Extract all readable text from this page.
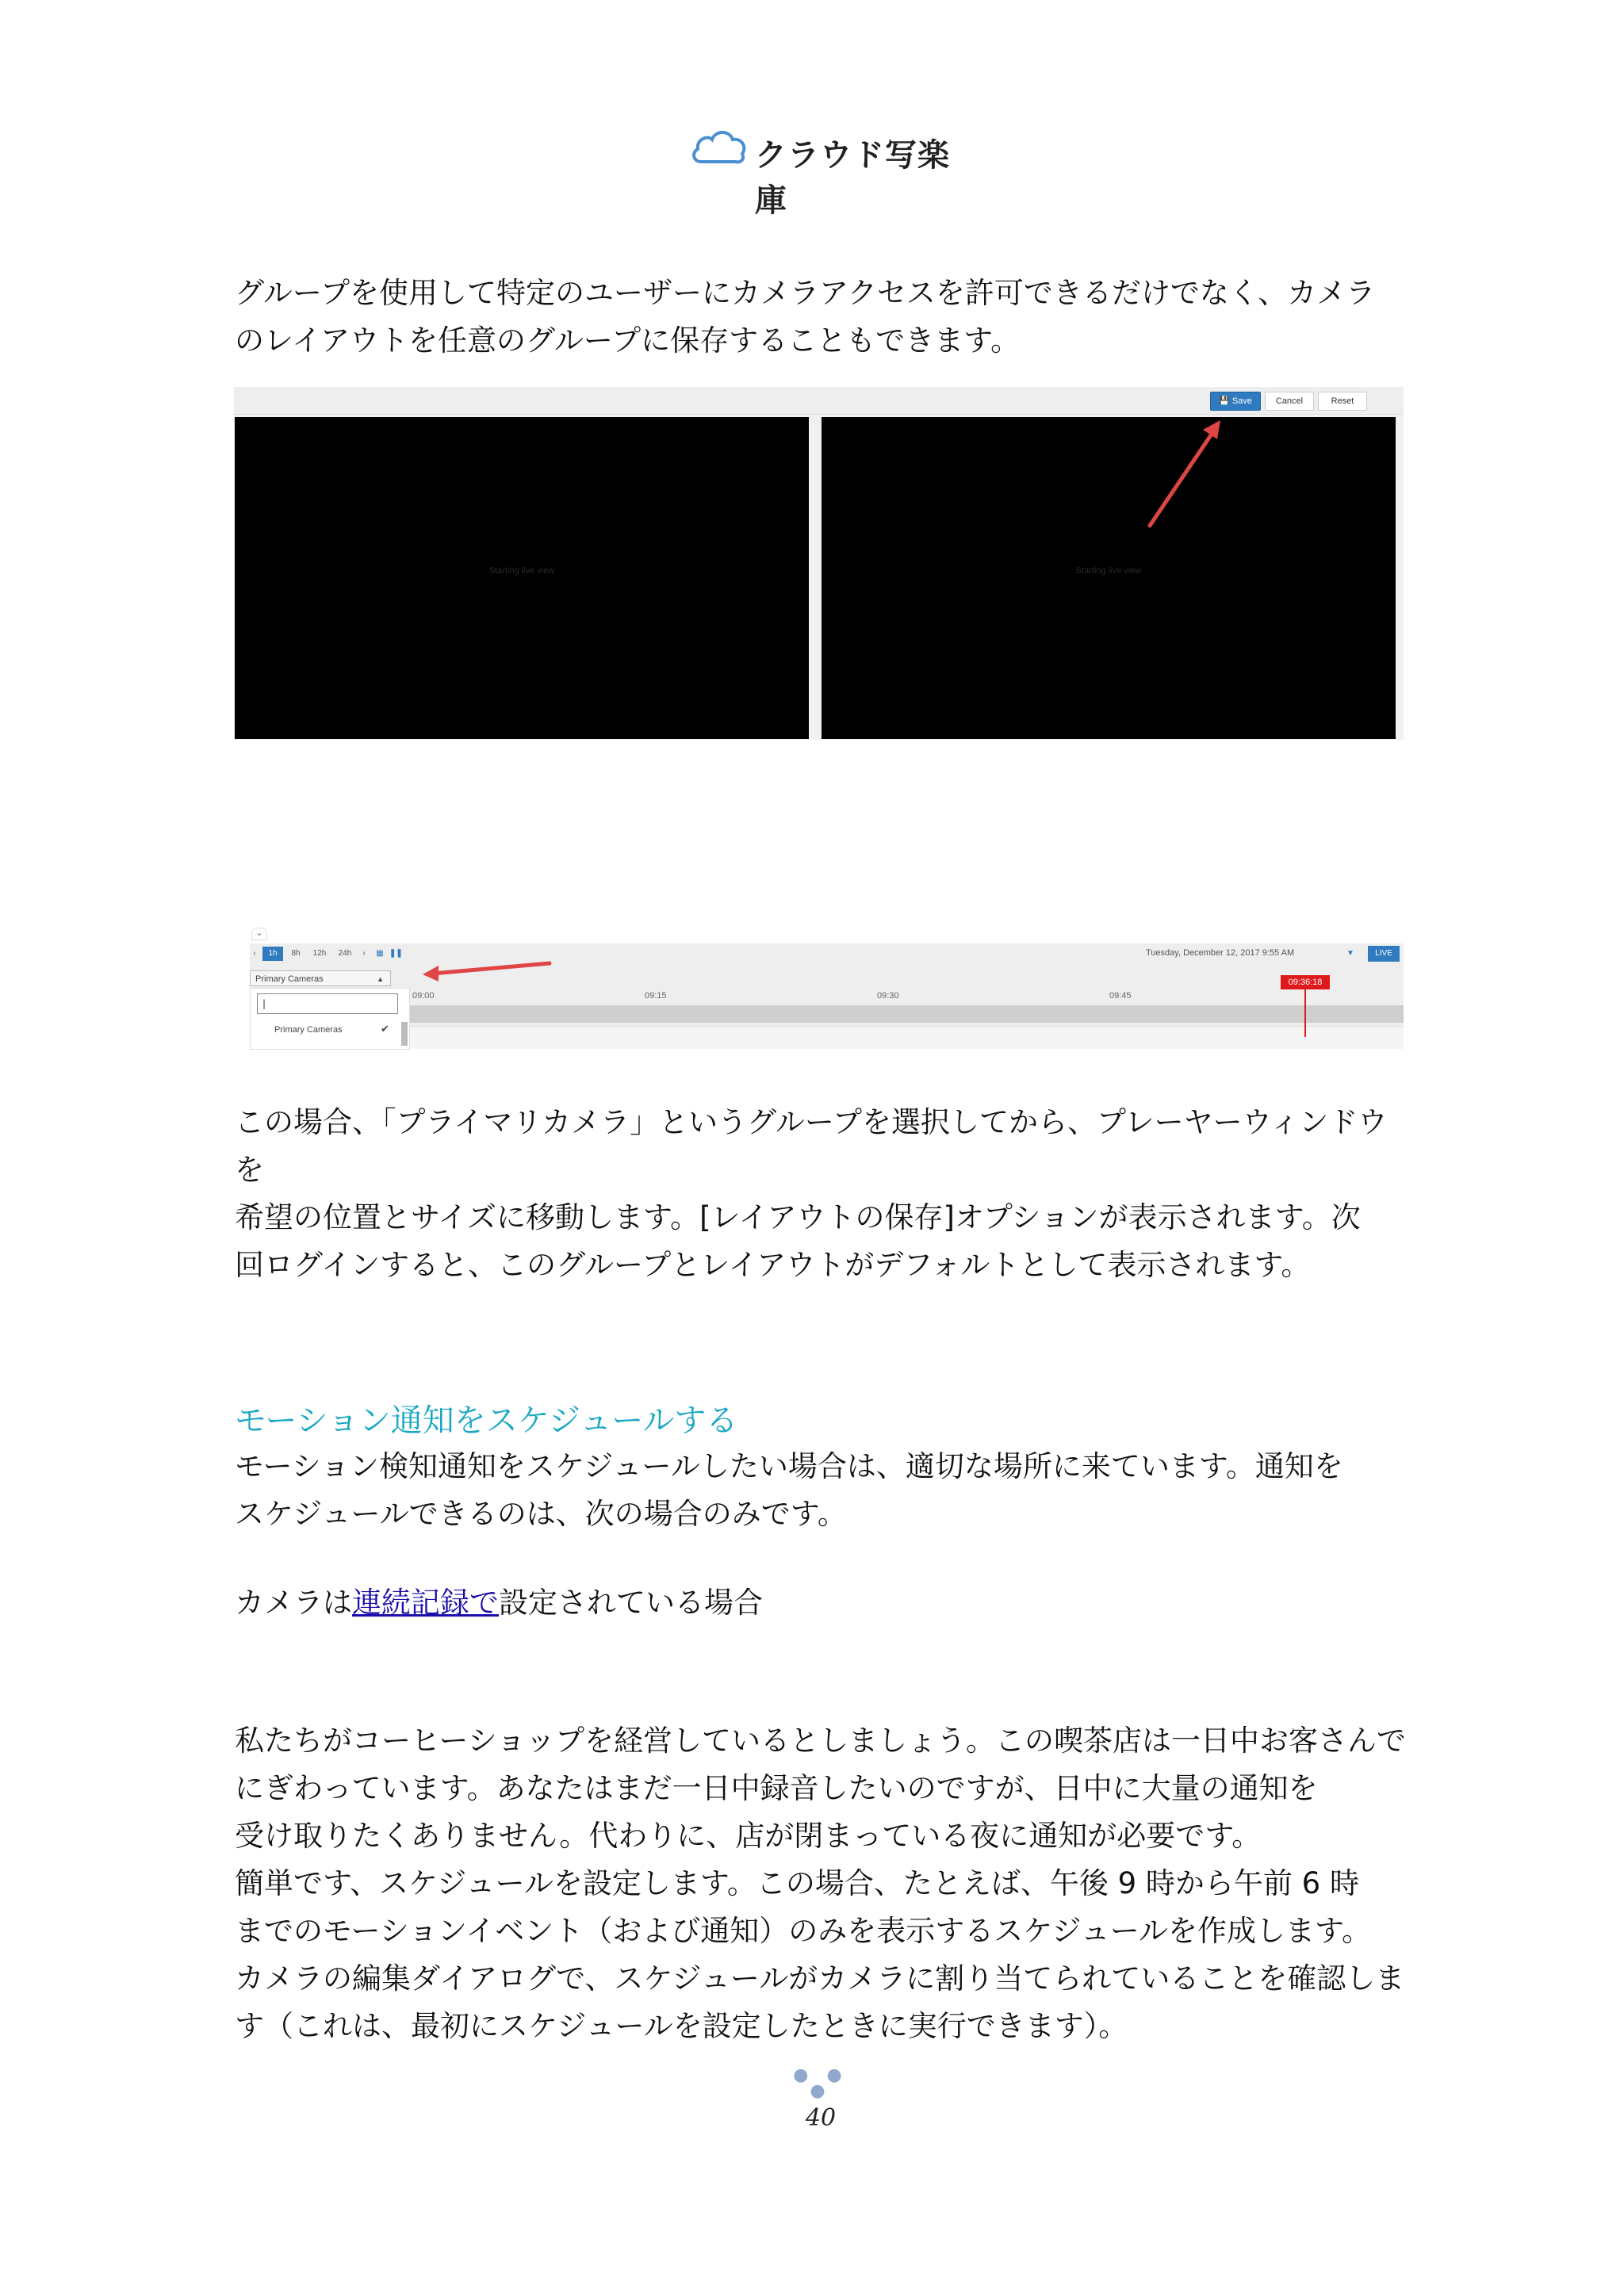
クラウド写楽庫
グループを使用して特定のユーザーにカメラアクセスを許可できるだけでなく、カメラ
のレイアウトを任意のグループに保存することもできます。
💾 Save	Cancel	Reset
Starting live view	Starting live view
⌄
‹	1h	8h	12h	24h	›	▦ ❚❚
Primary Cameras	▲
Tuesday, December 12, 2017 9:55 AM	▼	LIVE
09:36:18
09:00	09:15	09:30	09:45
|
Primary Cameras	✔
この場合、「プライマリカメラ」というグループを選択してから、プレーヤーウィンドウを
希望の位置とサイズに移動します。[レイアウトの保存]オプションが表示されます。次
回ログインすると、このグループとレイアウトがデフォルトとして表示されます。
モーション通知をスケジュールする
モーション検知通知をスケジュールしたい場合は、適切な場所に来ています。通知を
スケジュールできるのは、次の場合のみです。
カメラは連続記録で設定されている場合
私たちがコーヒーショップを経営しているとしましょう。この喫茶店は一日中お客さんで
にぎわっています。あなたはまだ一日中録音したいのですが、日中に大量の通知を
受け取りたくありません。代わりに、店が閉まっている夜に通知が必要です。
簡単です、スケジュールを設定します。この場合、たとえば、午後 9 時から午前 6 時
までのモーションイベント（および通知）のみを表示するスケジュールを作成します。
カメラの編集ダイアログで、スケジュールがカメラに割り当てられていることを確認しま
す（これは、最初にスケジュールを設定したときに実行できます）。
● ● ●
40
